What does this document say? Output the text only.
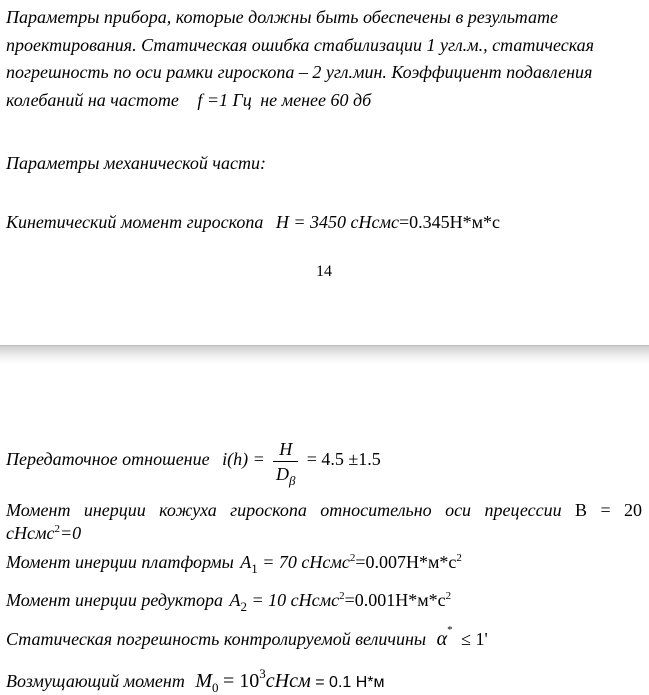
Параметры прибора, которые должны быть обеспечены в результате
проектирования. Статическая ошибка стабилизации 1 угл.м., статическая
погрешность по оси рамки гироскопа – 2 угл.мин. Коэффициент подавления
колебаний на частоте f =1 Гц не менее 60 дб
Параметры механической части:
Кинетический момент гироскопа H = 3450 сНсмс=0.345Н*м*с
14
Передаточное отношение $i(h) = \frac{H}{D_\beta} = 4.5 \pm 1.5$
Момент инерции кожуха гироскопа относительно оси прецессии B = 20
сНсмс$^2$=0
Момент инерции платформы $A_1 = 70$ $сНсмс^2=0.007Н*м*с^2$
Момент инерции редуктора $A_2 = 10$ $сНсмс^2=0.001Н*м*с^2$
Статическая погрешность контролируемой величины α* ≤ 1'
Возмущающий момент $M_0$ = $10^3сНсм = 0.1$ Н*м
